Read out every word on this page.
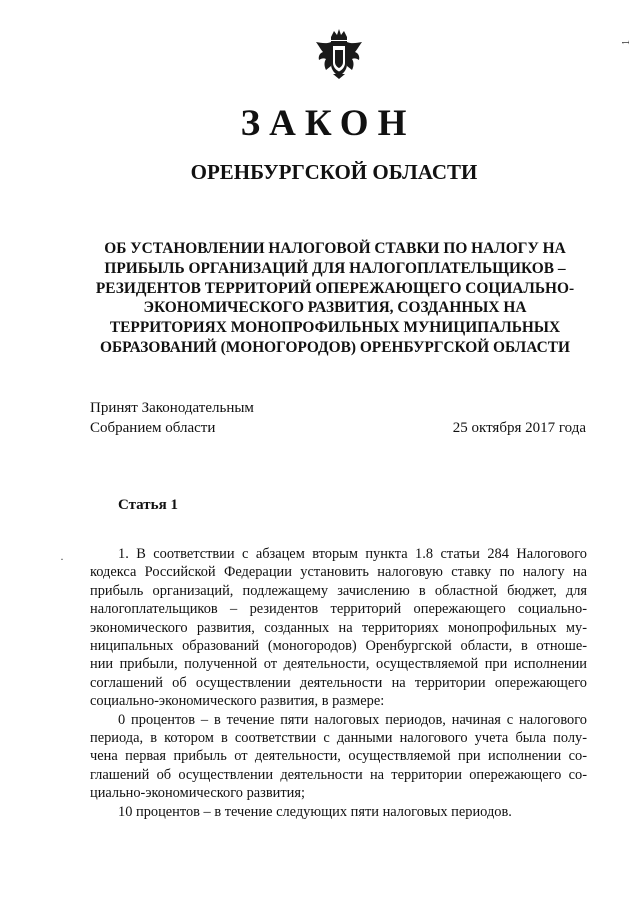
1
ЗАКОН
ОРЕНБУРГСКОЙ ОБЛАСТИ
ОБ УСТАНОВЛЕНИИ НАЛОГОВОЙ СТАВКИ ПО НАЛОГУ НА
ПРИБЫЛЬ ОРГАНИЗАЦИЙ ДЛЯ НАЛОГОПЛАТЕЛЬЩИКОВ –
РЕЗИДЕНТОВ ТЕРРИТОРИЙ ОПЕРЕЖАЮЩЕГО СОЦИАЛЬНО-
ЭКОНОМИЧЕСКОГО РАЗВИТИЯ, СОЗДАННЫХ НА
ТЕРРИТОРИЯХ МОНОПРОФИЛЬНЫХ МУНИЦИПАЛЬНЫХ
ОБРАЗОВАНИЙ (МОНОГОРОДОВ) ОРЕНБУРГСКОЙ ОБЛАСТИ
Принят Законодательным
Собранием области	25 октября 2017 года
Статья 1
·	1. В соответствии с абзацем вторым пункта 1.8 статьи 284 Налогового
кодекса Российской Федерации установить налоговую ставку по налогу на
прибыль организаций, подлежащему зачислению в областной бюджет, для
налогоплательщиков – резидентов территорий опережающего социально-
экономического развития, созданных на территориях монопрофильных му-
ниципальных образований (моногородов) Оренбургской области, в отноше-
нии прибыли, полученной от деятельности, осуществляемой при исполнении
соглашений об осуществлении деятельности на территории опережающего
социально-экономического развития, в размере:
0 процентов – в течение пяти налоговых периодов, начиная с налогового
периода, в котором в соответствии с данными налогового учета была полу-
чена первая прибыль от деятельности, осуществляемой при исполнении со-
глашений об осуществлении деятельности на территории опережающего со-
циально-экономического развития;
10 процентов – в течение следующих пяти налоговых периодов.
